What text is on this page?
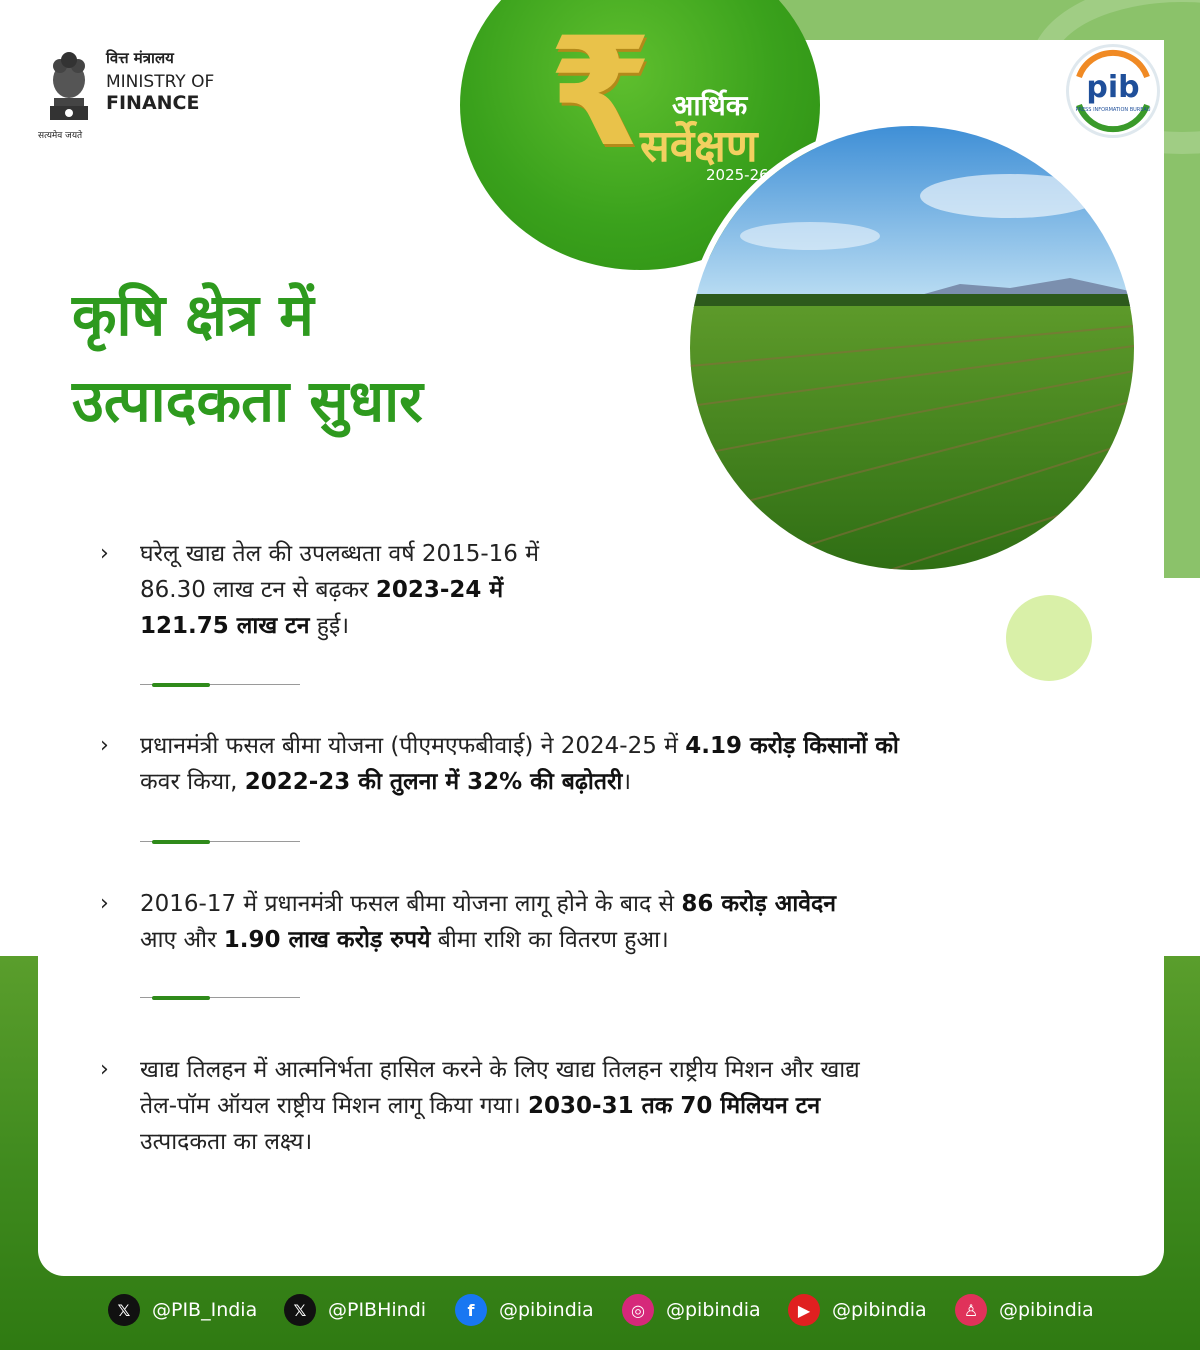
₹ आर्थिक
सर्वेक्षण
2025-26
सत्यमेव जयते
वित्त मंत्रालय
MINISTRY OF
FINANCE	pib
PRESS INFORMATION BUREAU
कृषि क्षेत्र में
उत्पादकता सुधार
› घरेलू खाद्य तेल की उपलब्धता वर्ष 2015-16 में
86.30 लाख टन से बढ़कर 2023-24 में
121.75 लाख टन हुई।
› प्रधानमंत्री फसल बीमा योजना (पीएमएफबीवाई) ने 2024-25 में 4.19 करोड़ किसानों को
कवर किया, 2022-23 की तुलना में 32% की बढ़ोतरी।
› 2016-17 में प्रधानमंत्री फसल बीमा योजना लागू होने के बाद से 86 करोड़ आवेदन
आए और 1.90 लाख करोड़ रुपये बीमा राशि का वितरण हुआ।
› खाद्य तिलहन में आत्मनिर्भता हासिल करने के लिए खाद्य तिलहन राष्ट्रीय मिशन और खाद्य
तेल-पॉम ऑयल राष्ट्रीय मिशन लागू किया गया। 2030-31 तक 70 मिलियन टन
उत्पादकता का लक्ष्य।
𝕏	@PIB_India	𝕏	@PIBHindi	f	@pibindia	◎	@pibindia	▶	@pibindia	♙	@pibindia
